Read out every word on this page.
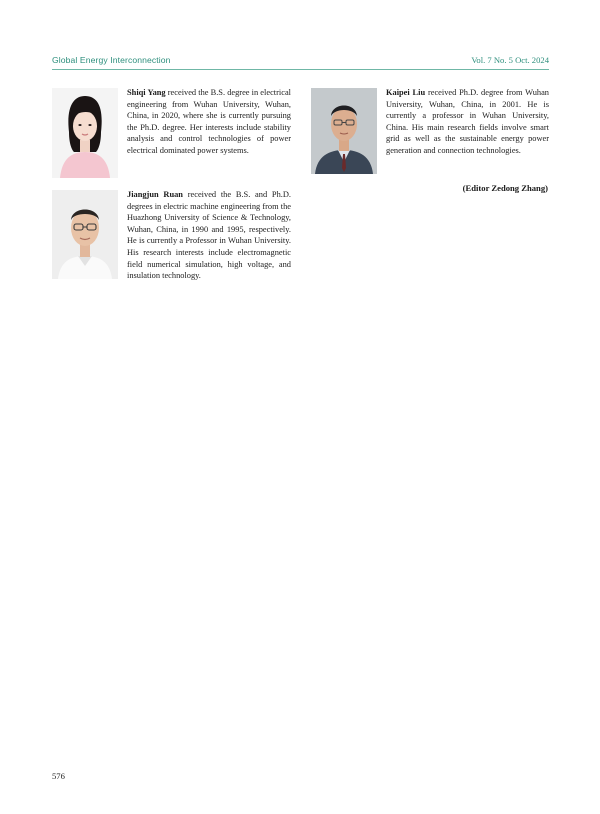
Global Energy Interconnection	Vol. 7 No. 5 Oct. 2024
Shiqi Yang received the B.S. degree in electrical engineering from Wuhan University, Wuhan, China, in 2020, where she is currently pursuing the Ph.D. degree. Her interests include stability analysis and control technologies of power electrical dominated power systems.
Jiangjun Ruan received the B.S. and Ph.D. degrees in electric machine engineering from the Huazhong University of Science & Technology, Wuhan, China, in 1990 and 1995, respectively. He is currently a Professor in Wuhan University. His research interests include electromagnetic field numerical simulation, high voltage, and insulation technology.
Kaipei Liu received Ph.D. degree from Wuhan University, Wuhan, China, in 2001. He is currently a professor in Wuhan University, China. His main research fields involve smart grid as well as the sustainable energy power generation and connection technologies.
(Editor Zedong Zhang)
576
